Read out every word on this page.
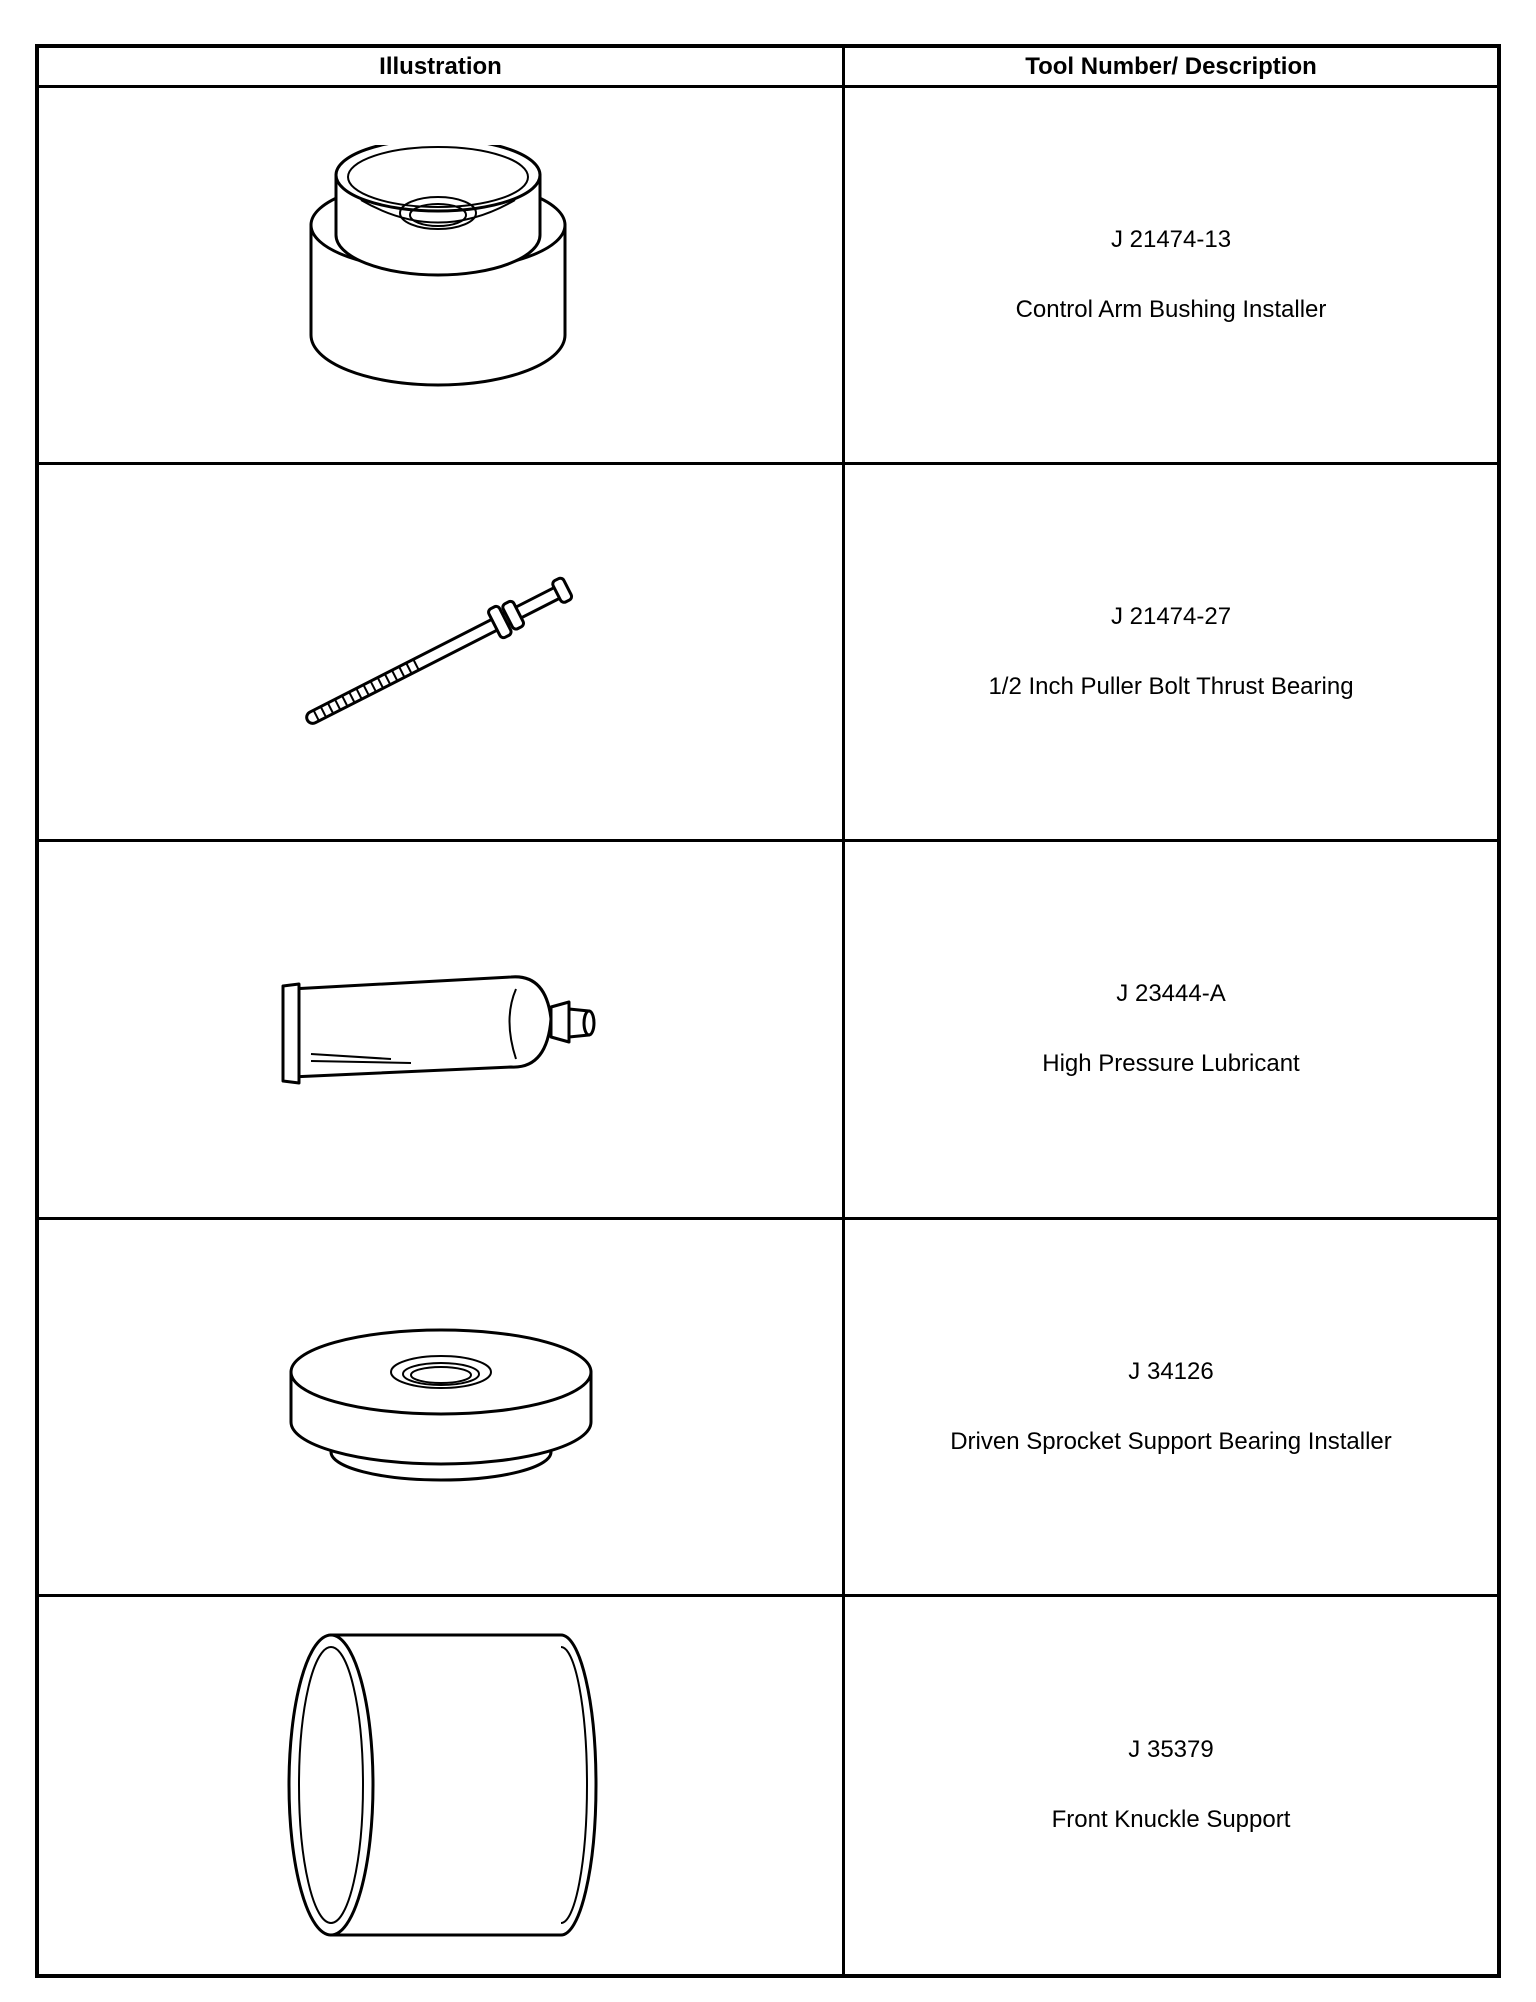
Illustration	Tool Number/ Description
J 21474-13
Control Arm Bushing Installer
J 21474-27
1/2 Inch Puller Bolt Thrust Bearing
J 23444-A
High Pressure Lubricant
J 34126
Driven Sprocket Support Bearing Installer
J 35379
Front Knuckle Support
